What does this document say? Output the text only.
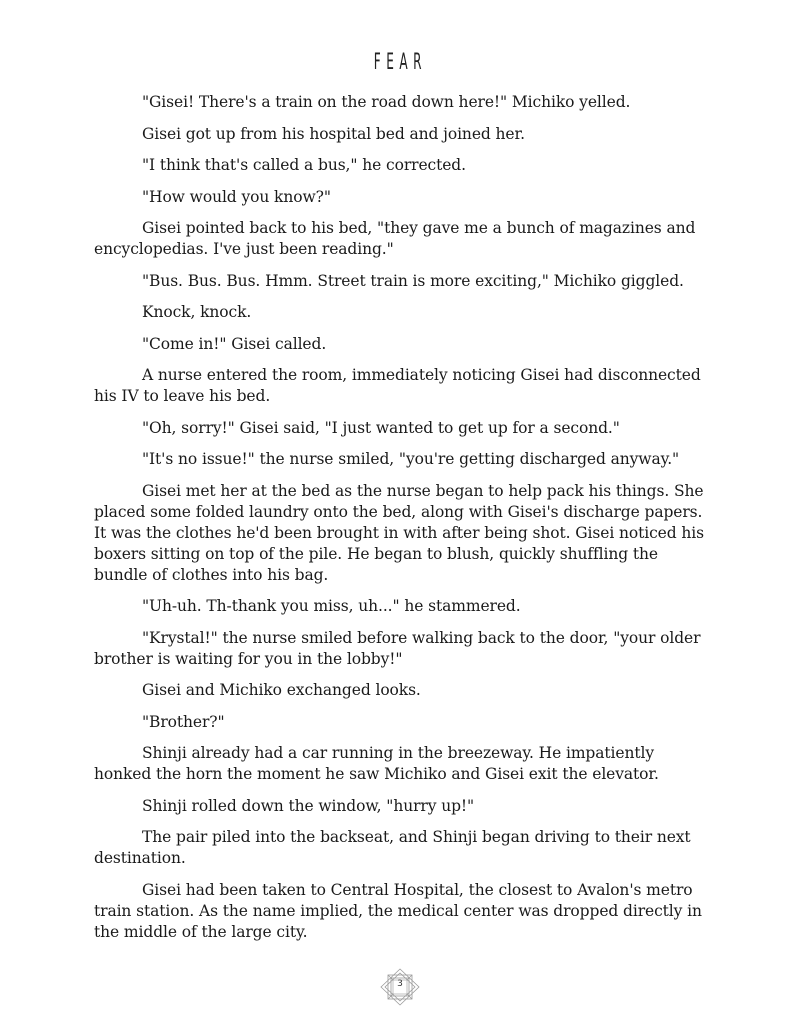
FEAR

"Gisei! There's a train on the road down here!" Michiko yelled.

Gisei got up from his hospital bed and joined her.

"I think that's called a bus," he corrected.

"How would you know?"

Gisei pointed back to his bed, "they gave me a bunch of magazines and encyclopedias. I've just been reading."

"Bus. Bus. Bus. Hmm. Street train is more exciting," Michiko giggled.

Knock, knock.

"Come in!" Gisei called.

A nurse entered the room, immediately noticing Gisei had disconnected his IV to leave his bed.

"Oh, sorry!" Gisei said, "I just wanted to get up for a second."

"It's no issue!" the nurse smiled, "you're getting discharged anyway."

Gisei met her at the bed as the nurse began to help pack his things. She placed some folded laundry onto the bed, along with Gisei's discharge papers. It was the clothes he'd been brought in with after being shot. Gisei noticed his boxers sitting on top of the pile. He began to blush, quickly shuffling the bundle of clothes into his bag.

"Uh-uh. Th-thank you miss, uh..." he stammered.

"Krystal!" the nurse smiled before walking back to the door, "your older brother is waiting for you in the lobby!"

Gisei and Michiko exchanged looks.

"Brother?"

Shinji already had a car running in the breezeway. He impatiently honked the horn the moment he saw Michiko and Gisei exit the elevator.

Shinji rolled down the window, "hurry up!"

The pair piled into the backseat, and Shinji began driving to their next destination.

Gisei had been taken to Central Hospital, the closest to Avalon's metro train station. As the name implied, the medical center was dropped directly in the middle of the large city.

3
